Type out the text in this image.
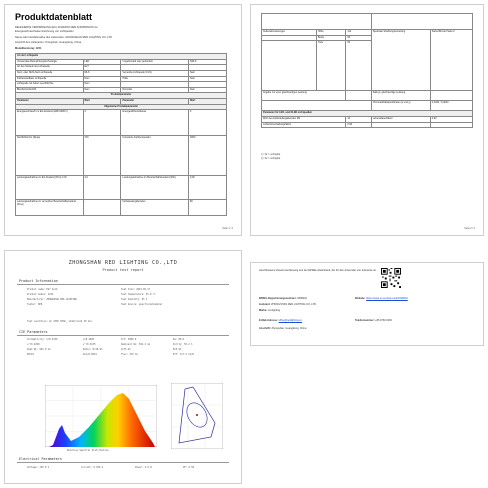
Produktdatenblatt
DELEGIERTE VERORDNUNG (EU) 2019/2015 DER KOMMISSION zur
Energieverbrauchskennzeichnung von Lichtquellen
Name oder Handelsmarke des Lieferanten: ZHONGSHAN RED LIGHTING CO.,LTD
Anschrift des Lieferanten: zhongshan, Guangdong, China
Modellkennung: 1234
Art der Lichtquelle			
Verwendete Beleuchtungstechnologie	LED	Ungebündelt oder gebündelt	NDLS
Art des Sockels der Lichtquelle	E27		
Netz- oder Nicht-Netz-Lichtquelle	MLS	Vernetzte Lichtquelle (CLS)	Nein
Farbeinstellbare Lichtquelle	Nein	Hülle	Nein
Lichtquelle mit hoher Leuchtdichte	Nein		
Blendschutzschild	Nein	Dimmbar	Nein
Produktparameter			
Parameter	Wert	Parameter	Wert
Allgemeine Produktparameter			
Energieverbrauch im Ein-Zustand (kWh/1000 h)	4	Energieeffizienzklasse	F
Nutzlichtstrom (Φuse)	470	Korrelierte Farbtemperatur	3000
Leistungsaufnahme im Ein-Zustand (Pon) in W	4,0	Leistungsaufnahme im Bereitschaftszustand (Psb)	0,00
Leistungsaufnahme im vernetzten Bereitschaftszustand (Pnet)	-	Farbwiedergabeindex	80
Seite 1 / 2

Außenabmessungen	Höhe	112	Spektrale Strahlungsverteilung	Siehe Bild auf Seite 2
	Breite	60		
	Tiefe	60		
Angabe zur einer gleichwertigen Leistung		-	Falls ja, gleichwertige Leistung	-
			Chromatizitätskoordinaten (x und y)	0,4330 / 0,4020
Parameter für LED- und OLED-Lichtquellen				
Wert des Farbwiedergabeindex R9		10	Lebensdauerfaktor	0,90
Lichtstromerhaltungsfaktor		0,90		
(¹) 'Ja' = verfügbar
(²) 'Ja' = verfügbar
Seite 2 / 2
ZHONGSHAN RED LIGHTING CO.,LTD
Product test report
Product Information
Product name: E27 bulb	Test time: 2023-05-17
Product model: 1234	Test temperature: 25.0 °C
Manufacturer: ZHONGSHAN RED LIGHTING	Test humidity: 65 %
Tester: RED	Test device: spectroradiometer
Test condition: AC 230V 50Hz, stabilized 30 min
CIE Parameters
Chromaticity: x=0.4330	y=0.4020	CCT: 3000 K	Ra: 80.0
u'=0.2458	v'=0.5135	Dominant WL: 581.2 nm	Purity: 55.2 %
Peak WL: 601.0 nm	Ratio: R=18.9%	G=75.2%	B=5.9%
R9=10	Duv=0.0015	Flux: 470 lm	Eff: 117.5 lm/W
Relative Spectral Distribution
Electrical Parameters
Voltage: 230.0 V	Current: 0.030 A	Power: 4.0 W	PF: 0.58
Geschlossene Zusammenfassung aus der EPREL-Datenbank, die für den Anwender von Interesse ist.
EPREL-Registrierungsnummer: 1808232
Lieferant: ZHONGSHAN RED LIGHTING CO.,LTD
Marke: red lighting
E-Mail-Adresse: office@redlighting.cn
Anschrift: Zhongshan, Guangdong, China
Website: https://eprel.ec.europa.eu/qr/1808232
Telefonnummer: +86 0760 0000
